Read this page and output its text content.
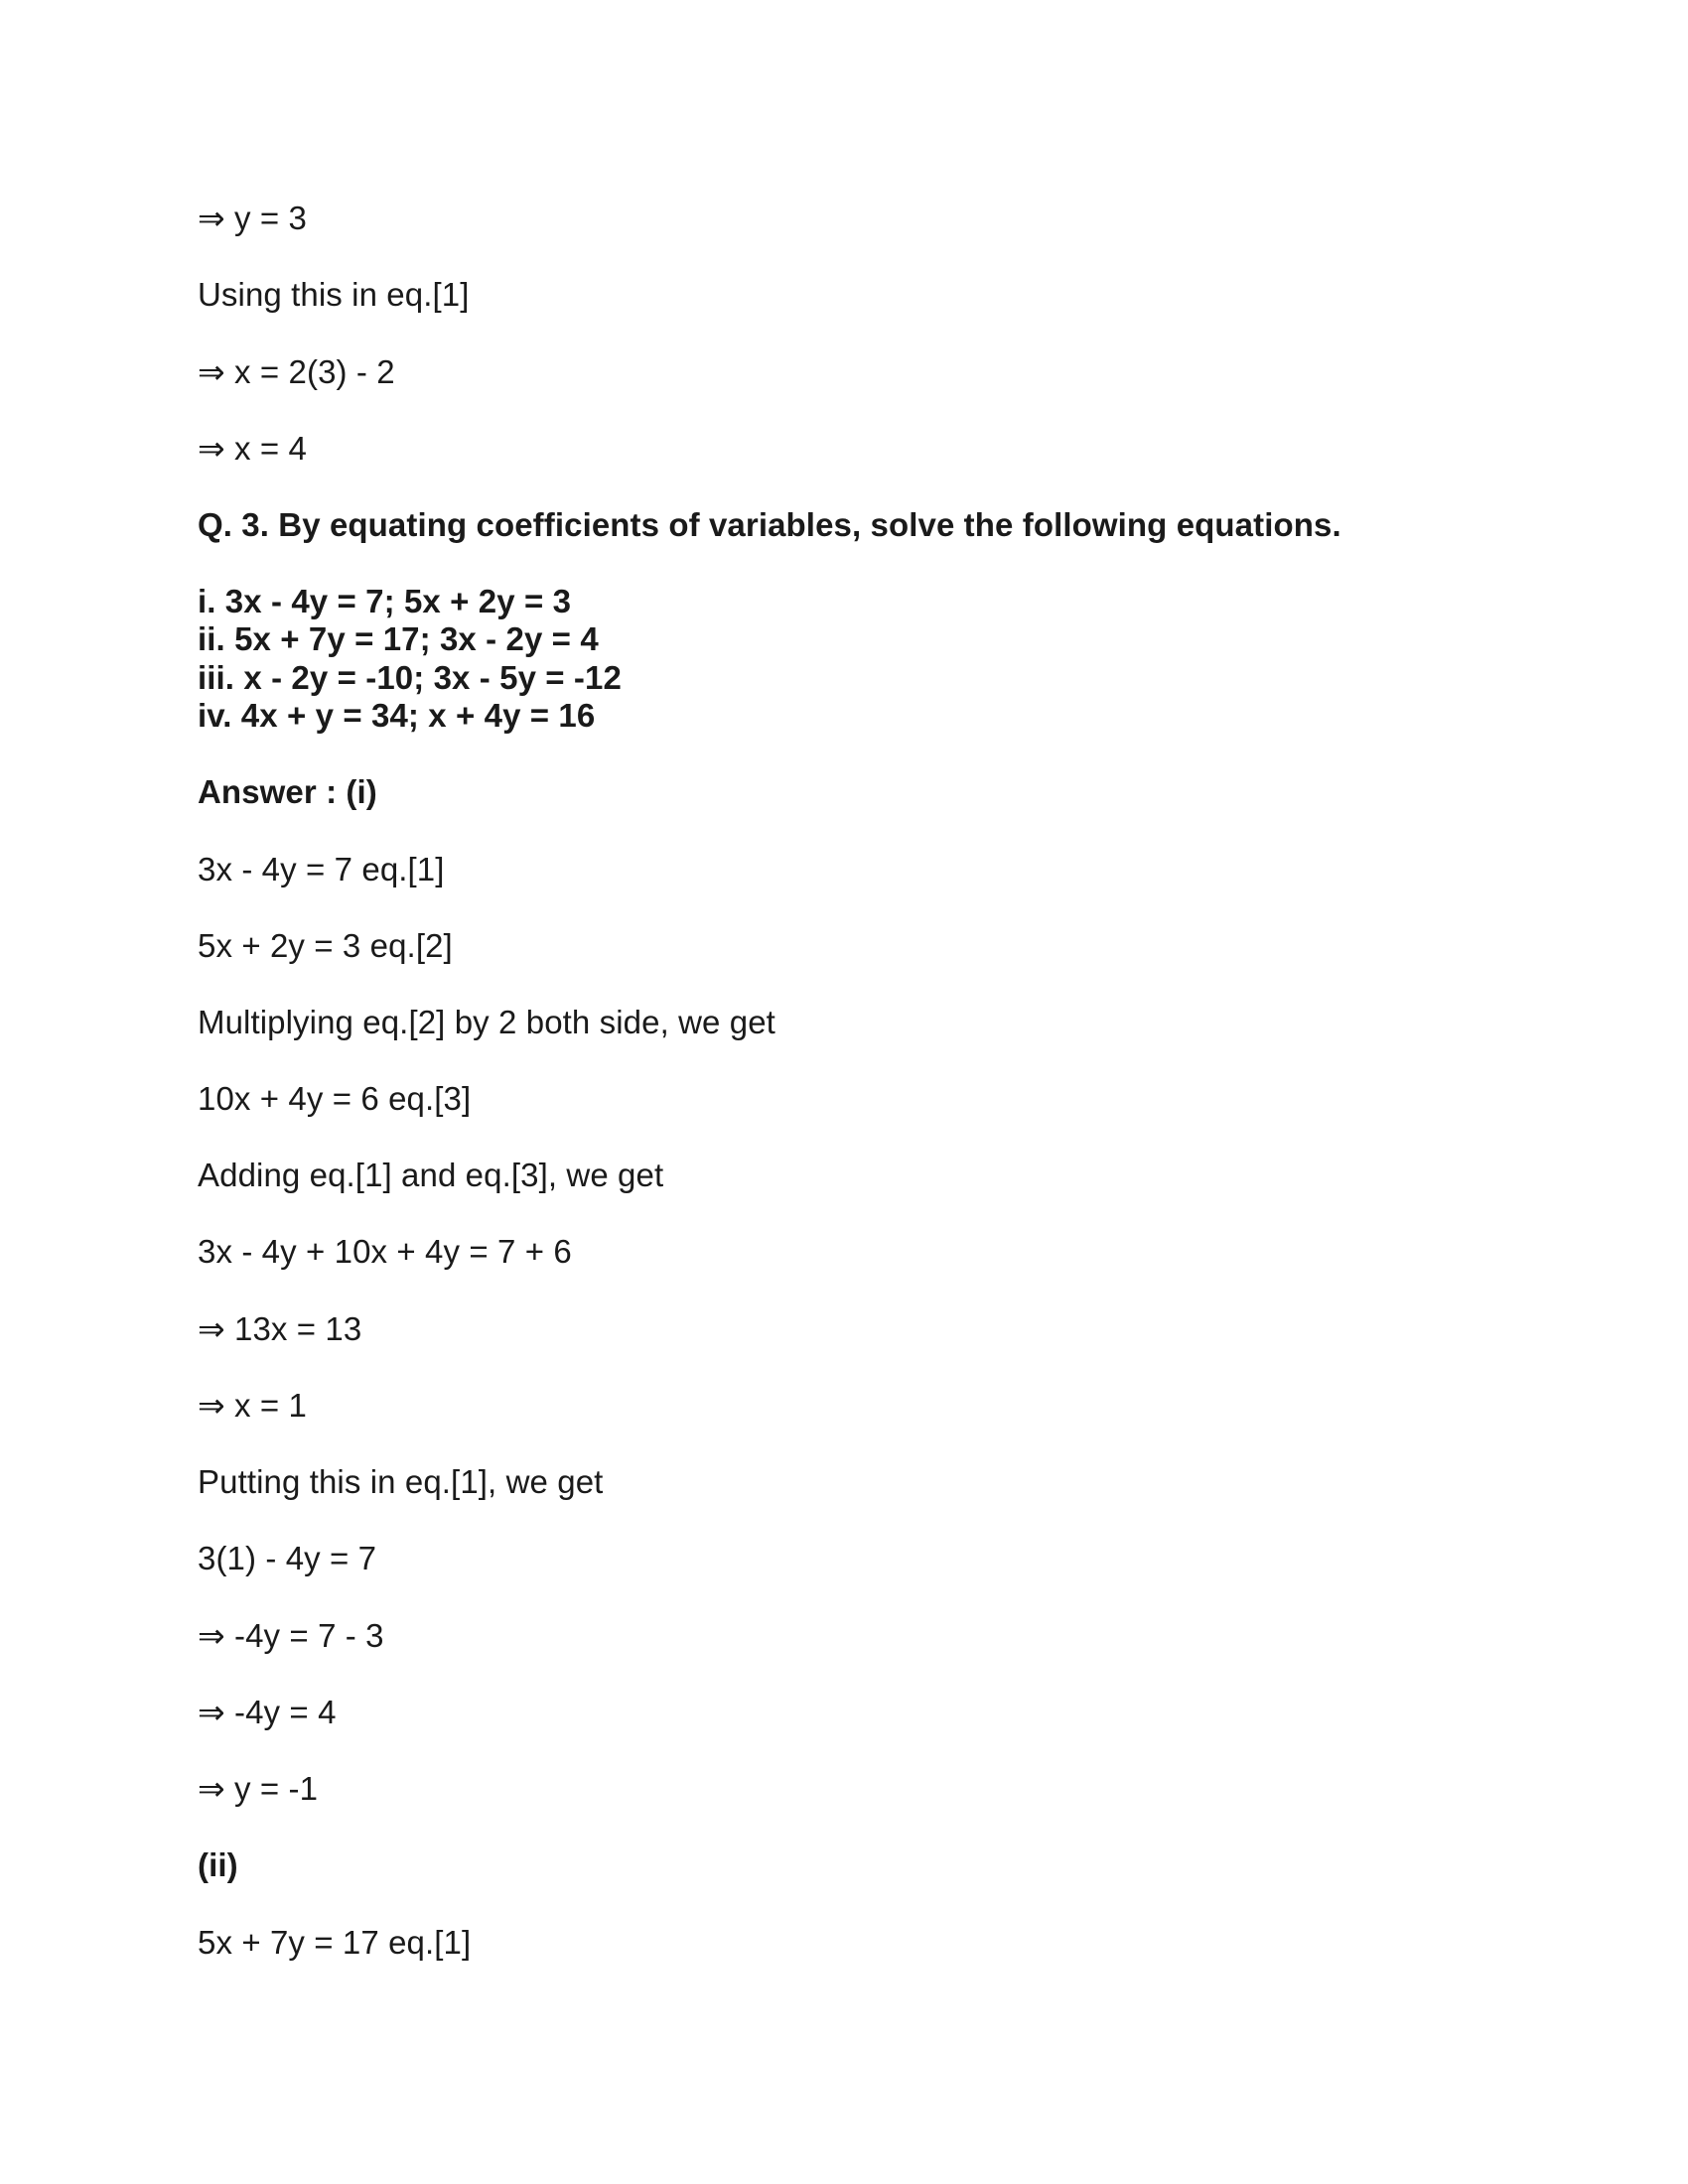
⇒ y = 3
Using this in eq.[1]
⇒ x = 2(3) - 2
⇒ x = 4
Q. 3. By equating coefficients of variables, solve the following equations.
i. 3x - 4y = 7; 5x + 2y = 3
ii. 5x + 7y = 17; 3x - 2y = 4
iii. x - 2y = -10; 3x - 5y = -12
iv. 4x + y = 34; x + 4y = 16
Answer : (i)
3x - 4y = 7 eq.[1]
5x + 2y = 3 eq.[2]
Multiplying eq.[2] by 2 both side, we get
10x + 4y = 6 eq.[3]
Adding eq.[1] and eq.[3], we get
3x - 4y + 10x + 4y = 7 + 6
⇒ 13x = 13
⇒ x = 1
Putting this in eq.[1], we get
3(1) - 4y = 7
⇒ -4y = 7 - 3
⇒ -4y = 4
⇒ y = -1
(ii)
5x + 7y = 17 eq.[1]
